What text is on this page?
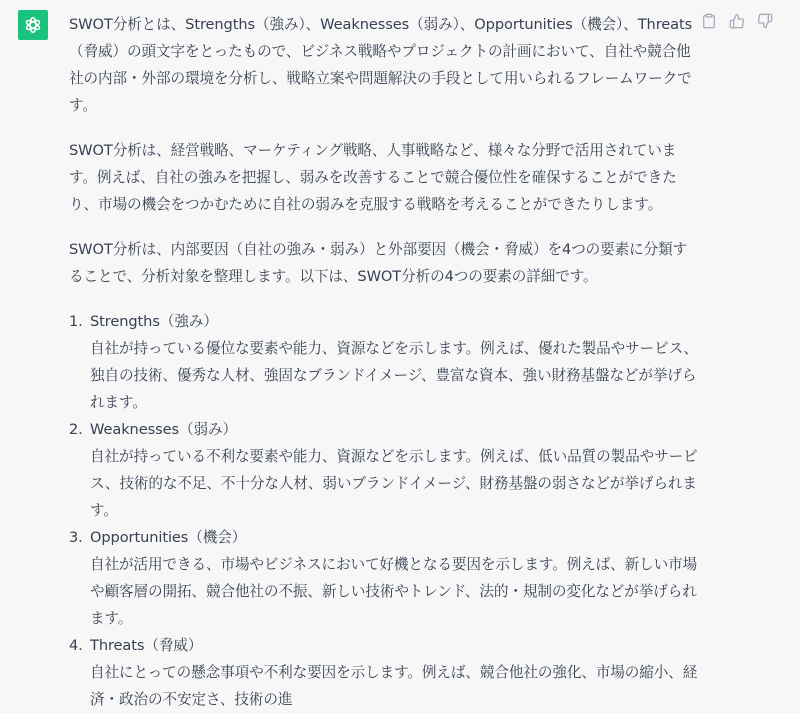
SWOT分析とは、Strengths（強み）、Weaknesses（弱み）、Opportunities（機会）、Threats（脅威）の頭文字をとったもので、ビジネス戦略やプロジェクトの計画において、自社や競合他社の内部・外部の環境を分析し、戦略立案や問題解決の手段として用いられるフレームワークです。

SWOT分析は、経営戦略、マーケティング戦略、人事戦略など、様々な分野で活用されています。例えば、自社の強みを把握し、弱みを改善することで競合優位性を確保することができたり、市場の機会をつかむために自社の弱みを克服する戦略を考えることができたりします。

SWOT分析は、内部要因（自社の強み・弱み）と外部要因（機会・脅威）を4つの要素に分類することで、分析対象を整理します。以下は、SWOT分析の4つの要素の詳細です。

1. Strengths（強み）
自社が持っている優位な要素や能力、資源などを示します。例えば、優れた製品やサービス、独自の技術、優秀な人材、強固なブランドイメージ、豊富な資本、強い財務基盤などが挙げられます。
2. Weaknesses（弱み）
自社が持っている不利な要素や能力、資源などを示します。例えば、低い品質の製品やサービス、技術的な不足、不十分な人材、弱いブランドイメージ、財務基盤の弱さなどが挙げられます。
3. Opportunities（機会）
自社が活用できる、市場やビジネスにおいて好機となる要因を示します。例えば、新しい市場や顧客層の開拓、競合他社の不振、新しい技術やトレンド、法的・規制の変化などが挙げられます。
4. Threats（脅威）
自社にとっての懸念事項や不利な要因を示します。例えば、競合他社の強化、市場の縮小、経済・政治の不安定さ、技術の進
